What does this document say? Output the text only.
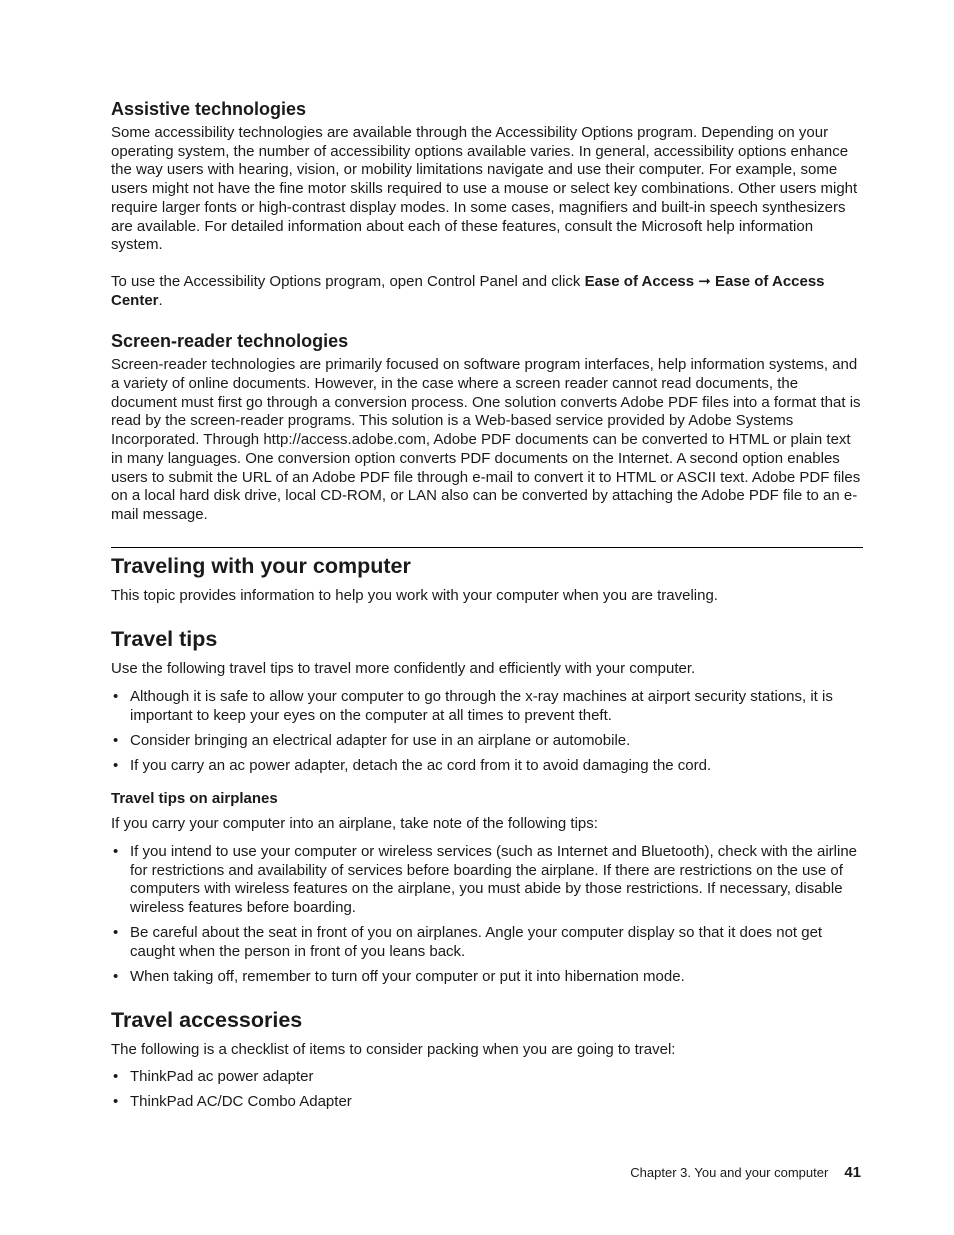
Assistive technologies

Some accessibility technologies are available through the Accessibility Options program. Depending on your operating system, the number of accessibility options available varies. In general, accessibility options enhance the way users with hearing, vision, or mobility limitations navigate and use their computer. For example, some users might not have the fine motor skills required to use a mouse or select key combinations. Other users might require larger fonts or high-contrast display modes. In some cases, magnifiers and built-in speech synthesizers are available. For detailed information about each of these features, consult the Microsoft help information system.

To use the Accessibility Options program, open Control Panel and click Ease of Access ➞ Ease of Access Center.

Screen-reader technologies

Screen-reader technologies are primarily focused on software program interfaces, help information systems, and a variety of online documents. However, in the case where a screen reader cannot read documents, the document must first go through a conversion process. One solution converts Adobe PDF files into a format that is read by the screen-reader programs. This solution is a Web-based service provided by Adobe Systems Incorporated. Through http://access.adobe.com, Adobe PDF documents can be converted to HTML or plain text in many languages. One conversion option converts PDF documents on the Internet. A second option enables users to submit the URL of an Adobe PDF file through e-mail to convert it to HTML or ASCII text. Adobe PDF files on a local hard disk drive, local CD-ROM, or LAN also can be converted by attaching the Adobe PDF file to an e-mail message.

Traveling with your computer

This topic provides information to help you work with your computer when you are traveling.

Travel tips

Use the following travel tips to travel more confidently and efficiently with your computer.

• Although it is safe to allow your computer to go through the x-ray machines at airport security stations, it is important to keep your eyes on the computer at all times to prevent theft.
• Consider bringing an electrical adapter for use in an airplane or automobile.
• If you carry an ac power adapter, detach the ac cord from it to avoid damaging the cord.
Travel tips on airplanes

If you carry your computer into an airplane, take note of the following tips:

• If you intend to use your computer or wireless services (such as Internet and Bluetooth), check with the airline for restrictions and availability of services before boarding the airplane. If there are restrictions on the use of computers with wireless features on the airplane, you must abide by those restrictions. If necessary, disable wireless features before boarding.
• Be careful about the seat in front of you on airplanes. Angle your computer display so that it does not get caught when the person in front of you leans back.
• When taking off, remember to turn off your computer or put it into hibernation mode.
Travel accessories

The following is a checklist of items to consider packing when you are going to travel:

• ThinkPad ac power adapter
• ThinkPad AC/DC Combo Adapter
Chapter 3. You and your computer 41
